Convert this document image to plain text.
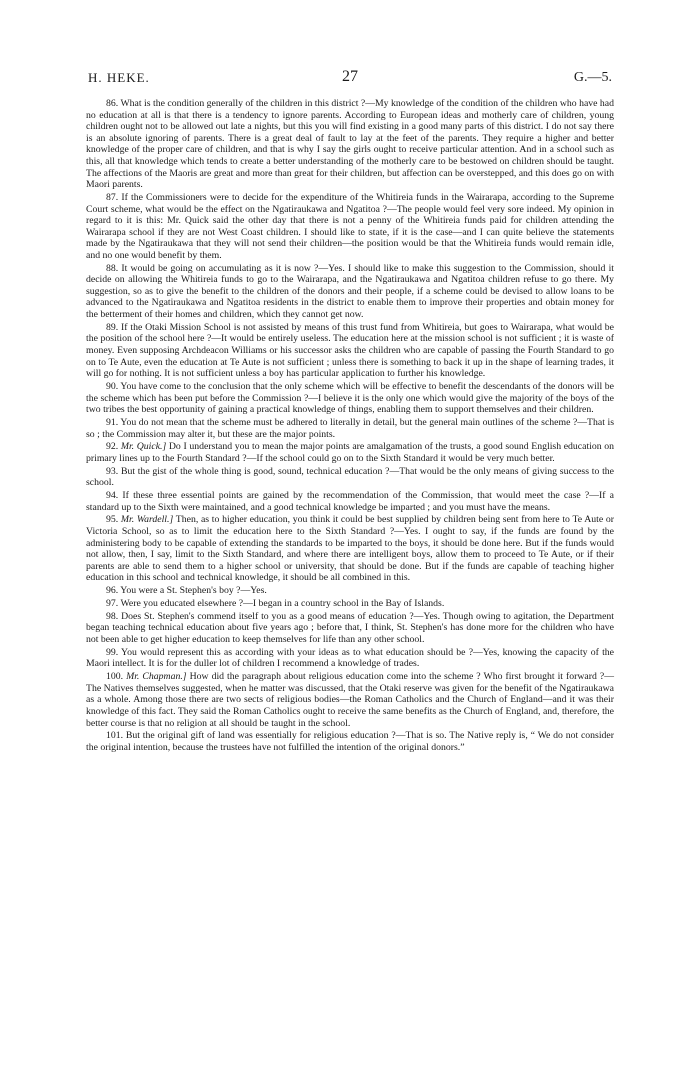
H. HEKE.	27	G.—5.

86. What is the condition generally of the children in this district ?—My knowledge of the condition of the children who have had no education at all is that there is a tendency to ignore parents. According to European ideas and motherly care of children, young children ought not to be allowed out late a nights, but this you will find existing in a good many parts of this district. I do not say there is an absolute ignoring of parents. There is a great deal of fault to lay at the feet of the parents. They require a higher and better knowledge of the proper care of children, and that is why I say the girls ought to receive particular attention. And in a school such as this, all that knowledge which tends to create a better understanding of the motherly care to be bestowed on children should be taught. The affections of the Maoris are great and more than great for their children, but affection can be overstepped, and this does go on with Maori parents.

87. If the Commissioners were to decide for the expenditure of the Whitireia funds in the Wairarapa, according to the Supreme Court scheme, what would be the effect on the Ngatiraukawa and Ngatitoa ?—The people would feel very sore indeed. My opinion in regard to it is this: Mr. Quick said the other day that there is not a penny of the Whitireia funds paid for children attending the Wairarapa school if they are not West Coast children. I should like to state, if it is the case—and I can quite believe the statements made by the Ngatiraukawa that they will not send their children—the position would be that the Whitireia funds would remain idle, and no one would benefit by them.

88. It would be going on accumulating as it is now ?—Yes. I should like to make this suggestion to the Commission, should it decide on allowing the Whitireia funds to go to the Wairarapa, and the Ngatiraukawa and Ngatitoa children refuse to go there. My suggestion, so as to give the benefit to the children of the donors and their people, if a scheme could be devised to allow loans to be advanced to the Ngatiraukawa and Ngatitoa residents in the district to enable them to improve their properties and obtain money for the betterment of their homes and children, which they cannot get now.

89. If the Otaki Mission School is not assisted by means of this trust fund from Whitireia, but goes to Wairarapa, what would be the position of the school here ?—It would be entirely useless. The education here at the mission school is not sufficient ; it is waste of money. Even supposing Archdeacon Williams or his successor asks the children who are capable of passing the Fourth Standard to go on to Te Aute, even the education at Te Aute is not sufficient ; unless there is something to back it up in the shape of learning trades, it will go for nothing. It is not sufficient unless a boy has particular application to further his knowledge.

90. You have come to the conclusion that the only scheme which will be effective to benefit the descendants of the donors will be the scheme which has been put before the Commission ?—I believe it is the only one which would give the majority of the boys of the two tribes the best opportunity of gaining a practical knowledge of things, enabling them to support themselves and their children.

91. You do not mean that the scheme must be adhered to literally in detail, but the general main outlines of the scheme ?—That is so ; the Commission may alter it, but these are the major points.

92. Mr. Quick.] Do I understand you to mean the major points are amalgamation of the trusts, a good sound English education on primary lines up to the Fourth Standard ?—If the school could go on to the Sixth Standard it would be very much better.

93. But the gist of the whole thing is good, sound, technical education ?—That would be the only means of giving success to the school.

94. If these three essential points are gained by the recommendation of the Commission, that would meet the case ?—If a standard up to the Sixth were maintained, and a good technical knowledge be imparted ; and you must have the means.

95. Mr. Wardell.] Then, as to higher education, you think it could be best supplied by children being sent from here to Te Aute or Victoria School, so as to limit the education here to the Sixth Standard ?—Yes. I ought to say, if the funds are found by the administering body to be capable of extending the standards to be imparted to the boys, it should be done here. But if the funds would not allow, then, I say, limit to the Sixth Standard, and where there are intelligent boys, allow them to proceed to Te Aute, or if their parents are able to send them to a higher school or university, that should be done. But if the funds are capable of teaching higher education in this school and technical knowledge, it should be all combined in this.

96. You were a St. Stephen's boy ?—Yes.

97. Were you educated elsewhere ?—I began in a country school in the Bay of Islands.

98. Does St. Stephen's commend itself to you as a good means of education ?—Yes. Though owing to agitation, the Department began teaching technical education about five years ago ; before that, I think, St. Stephen's has done more for the children who have not been able to get higher education to keep themselves for life than any other school.

99. You would represent this as according with your ideas as to what education should be ?—Yes, knowing the capacity of the Maori intellect. It is for the duller lot of children I recommend a knowledge of trades.

100. Mr. Chapman.] How did the paragraph about religious education come into the scheme ? Who first brought it forward ?—The Natives themselves suggested, when he matter was discussed, that the Otaki reserve was given for the benefit of the Ngatiraukawa as a whole. Among those there are two sects of religious bodies—the Roman Catholics and the Church of England—and it was their knowledge of this fact. They said the Roman Catholics ought to receive the same benefits as the Church of England, and, therefore, the better course is that no religion at all should be taught in the school.

101. But the original gift of land was essentially for religious education ?—That is so. The Native reply is, “ We do not consider the original intention, because the trustees have not fulfilled the intention of the original donors.”
